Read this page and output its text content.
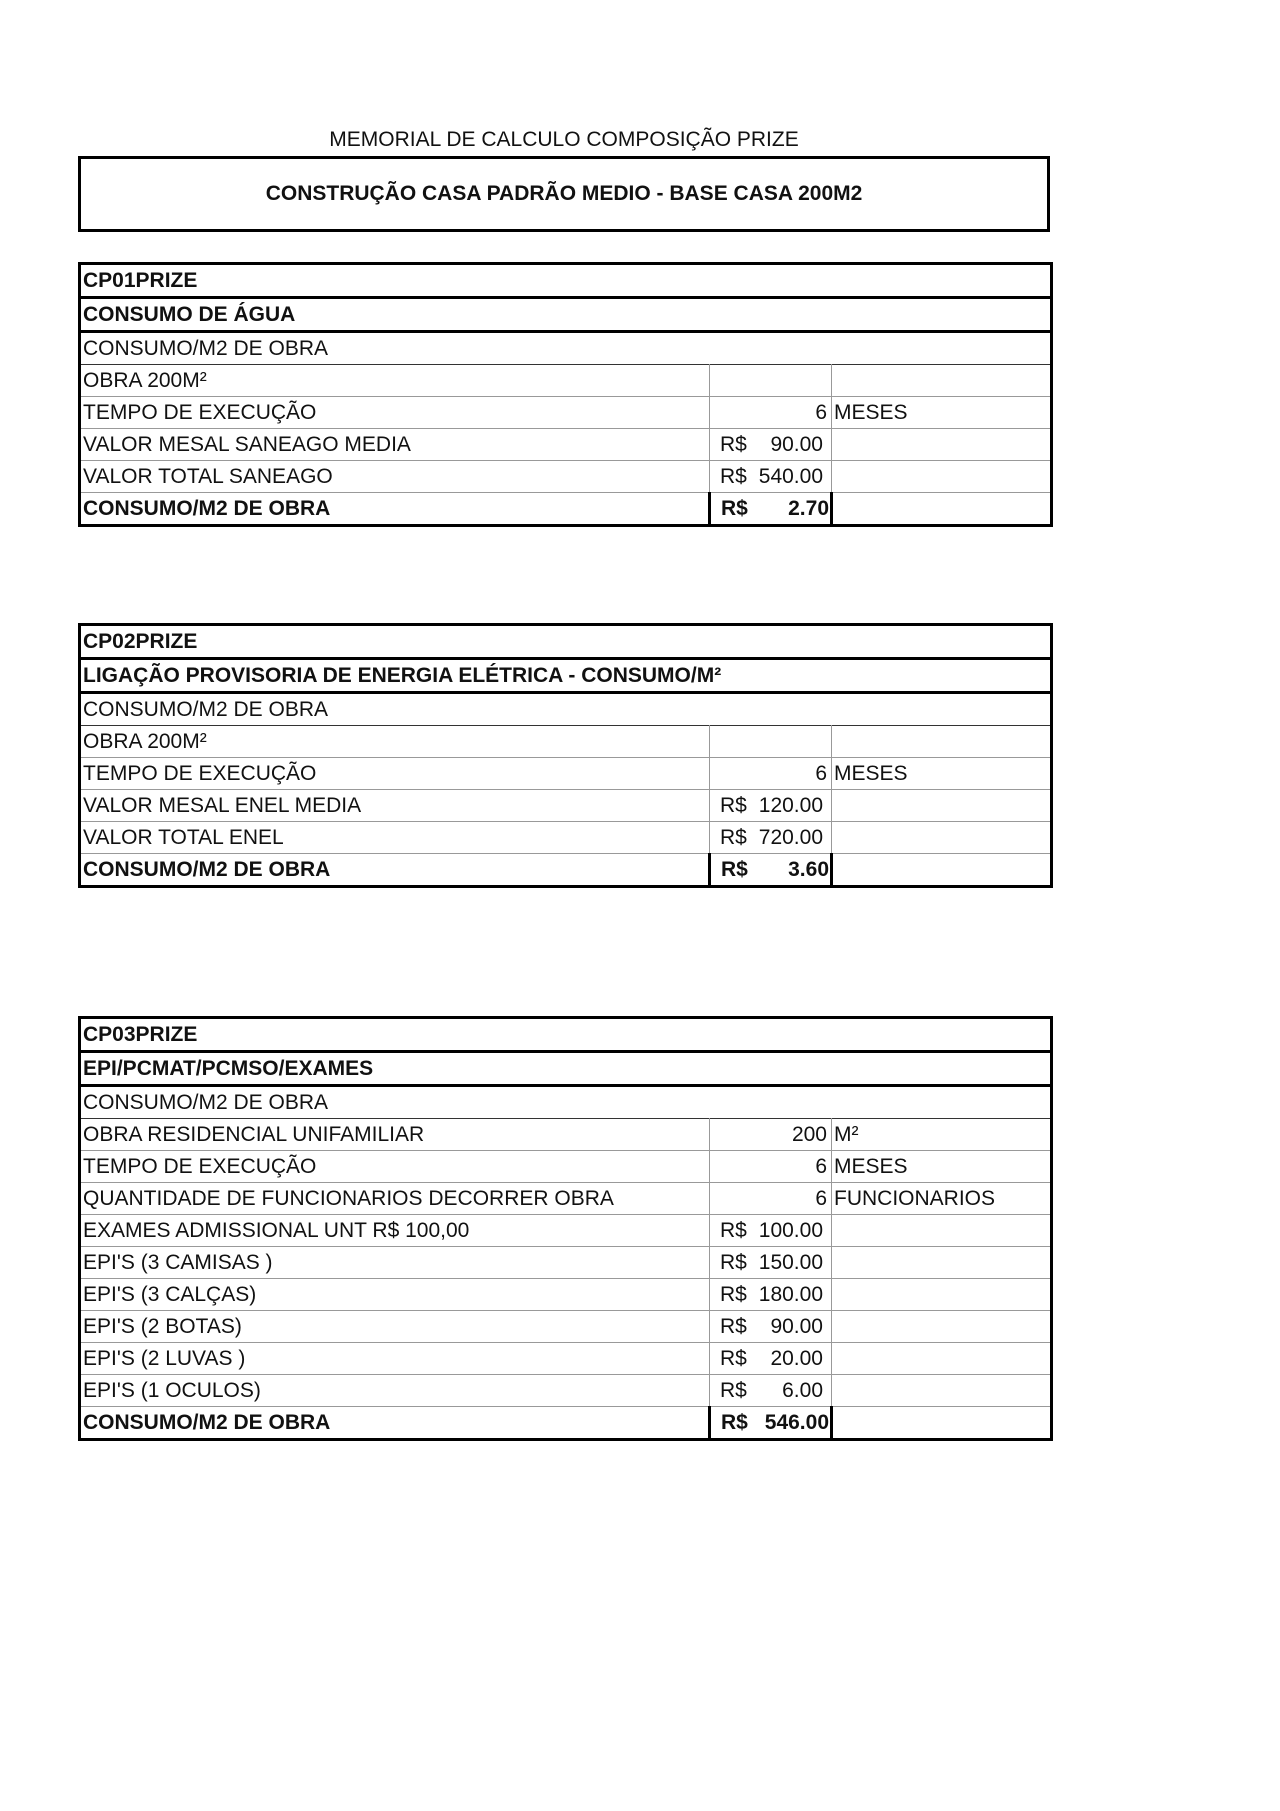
MEMORIAL DE CALCULO COMPOSIÇÃO PRIZE
CONSTRUÇÃO CASA PADRÃO MEDIO - BASE CASA 200M2
CP01PRIZE		
CONSUMO DE ÁGUA		
CONSUMO/M2 DE OBRA		
OBRA 200M²		
TEMPO DE EXECUÇÃO	6	MESES
VALOR MESAL SANEAGO MEDIA	R$ 90.00	

VALOR TOTAL SANEAGO	R$ 540.00	

CONSUMO/M2 DE OBRA	R$ 2.70	

CP02PRIZE		
LIGAÇÃO PROVISORIA DE ENERGIA ELÉTRICA - CONSUMO/M²		
CONSUMO/M2 DE OBRA		
OBRA 200M²		
TEMPO DE EXECUÇÃO	6	MESES
VALOR MESAL ENEL MEDIA	R$ 120.00	

VALOR TOTAL ENEL	R$ 720.00	

CONSUMO/M2 DE OBRA	R$ 3.60	

CP03PRIZE		
EPI/PCMAT/PCMSO/EXAMES		
CONSUMO/M2 DE OBRA		
OBRA RESIDENCIAL UNIFAMILIAR	200	M²
TEMPO DE EXECUÇÃO	6	MESES
QUANTIDADE DE FUNCIONARIOS DECORRER OBRA	6	FUNCIONARIOS
EXAMES ADMISSIONAL UNT R$ 100,00	R$ 100.00	

EPI'S (3 CAMISAS )	R$ 150.00	

EPI'S (3 CALÇAS)	R$ 180.00	

EPI'S (2 BOTAS)	R$ 90.00	

EPI'S (2 LUVAS )	R$ 20.00	

EPI'S (1 OCULOS)	R$ 6.00	

CONSUMO/M2 DE OBRA	R$ 546.00	
